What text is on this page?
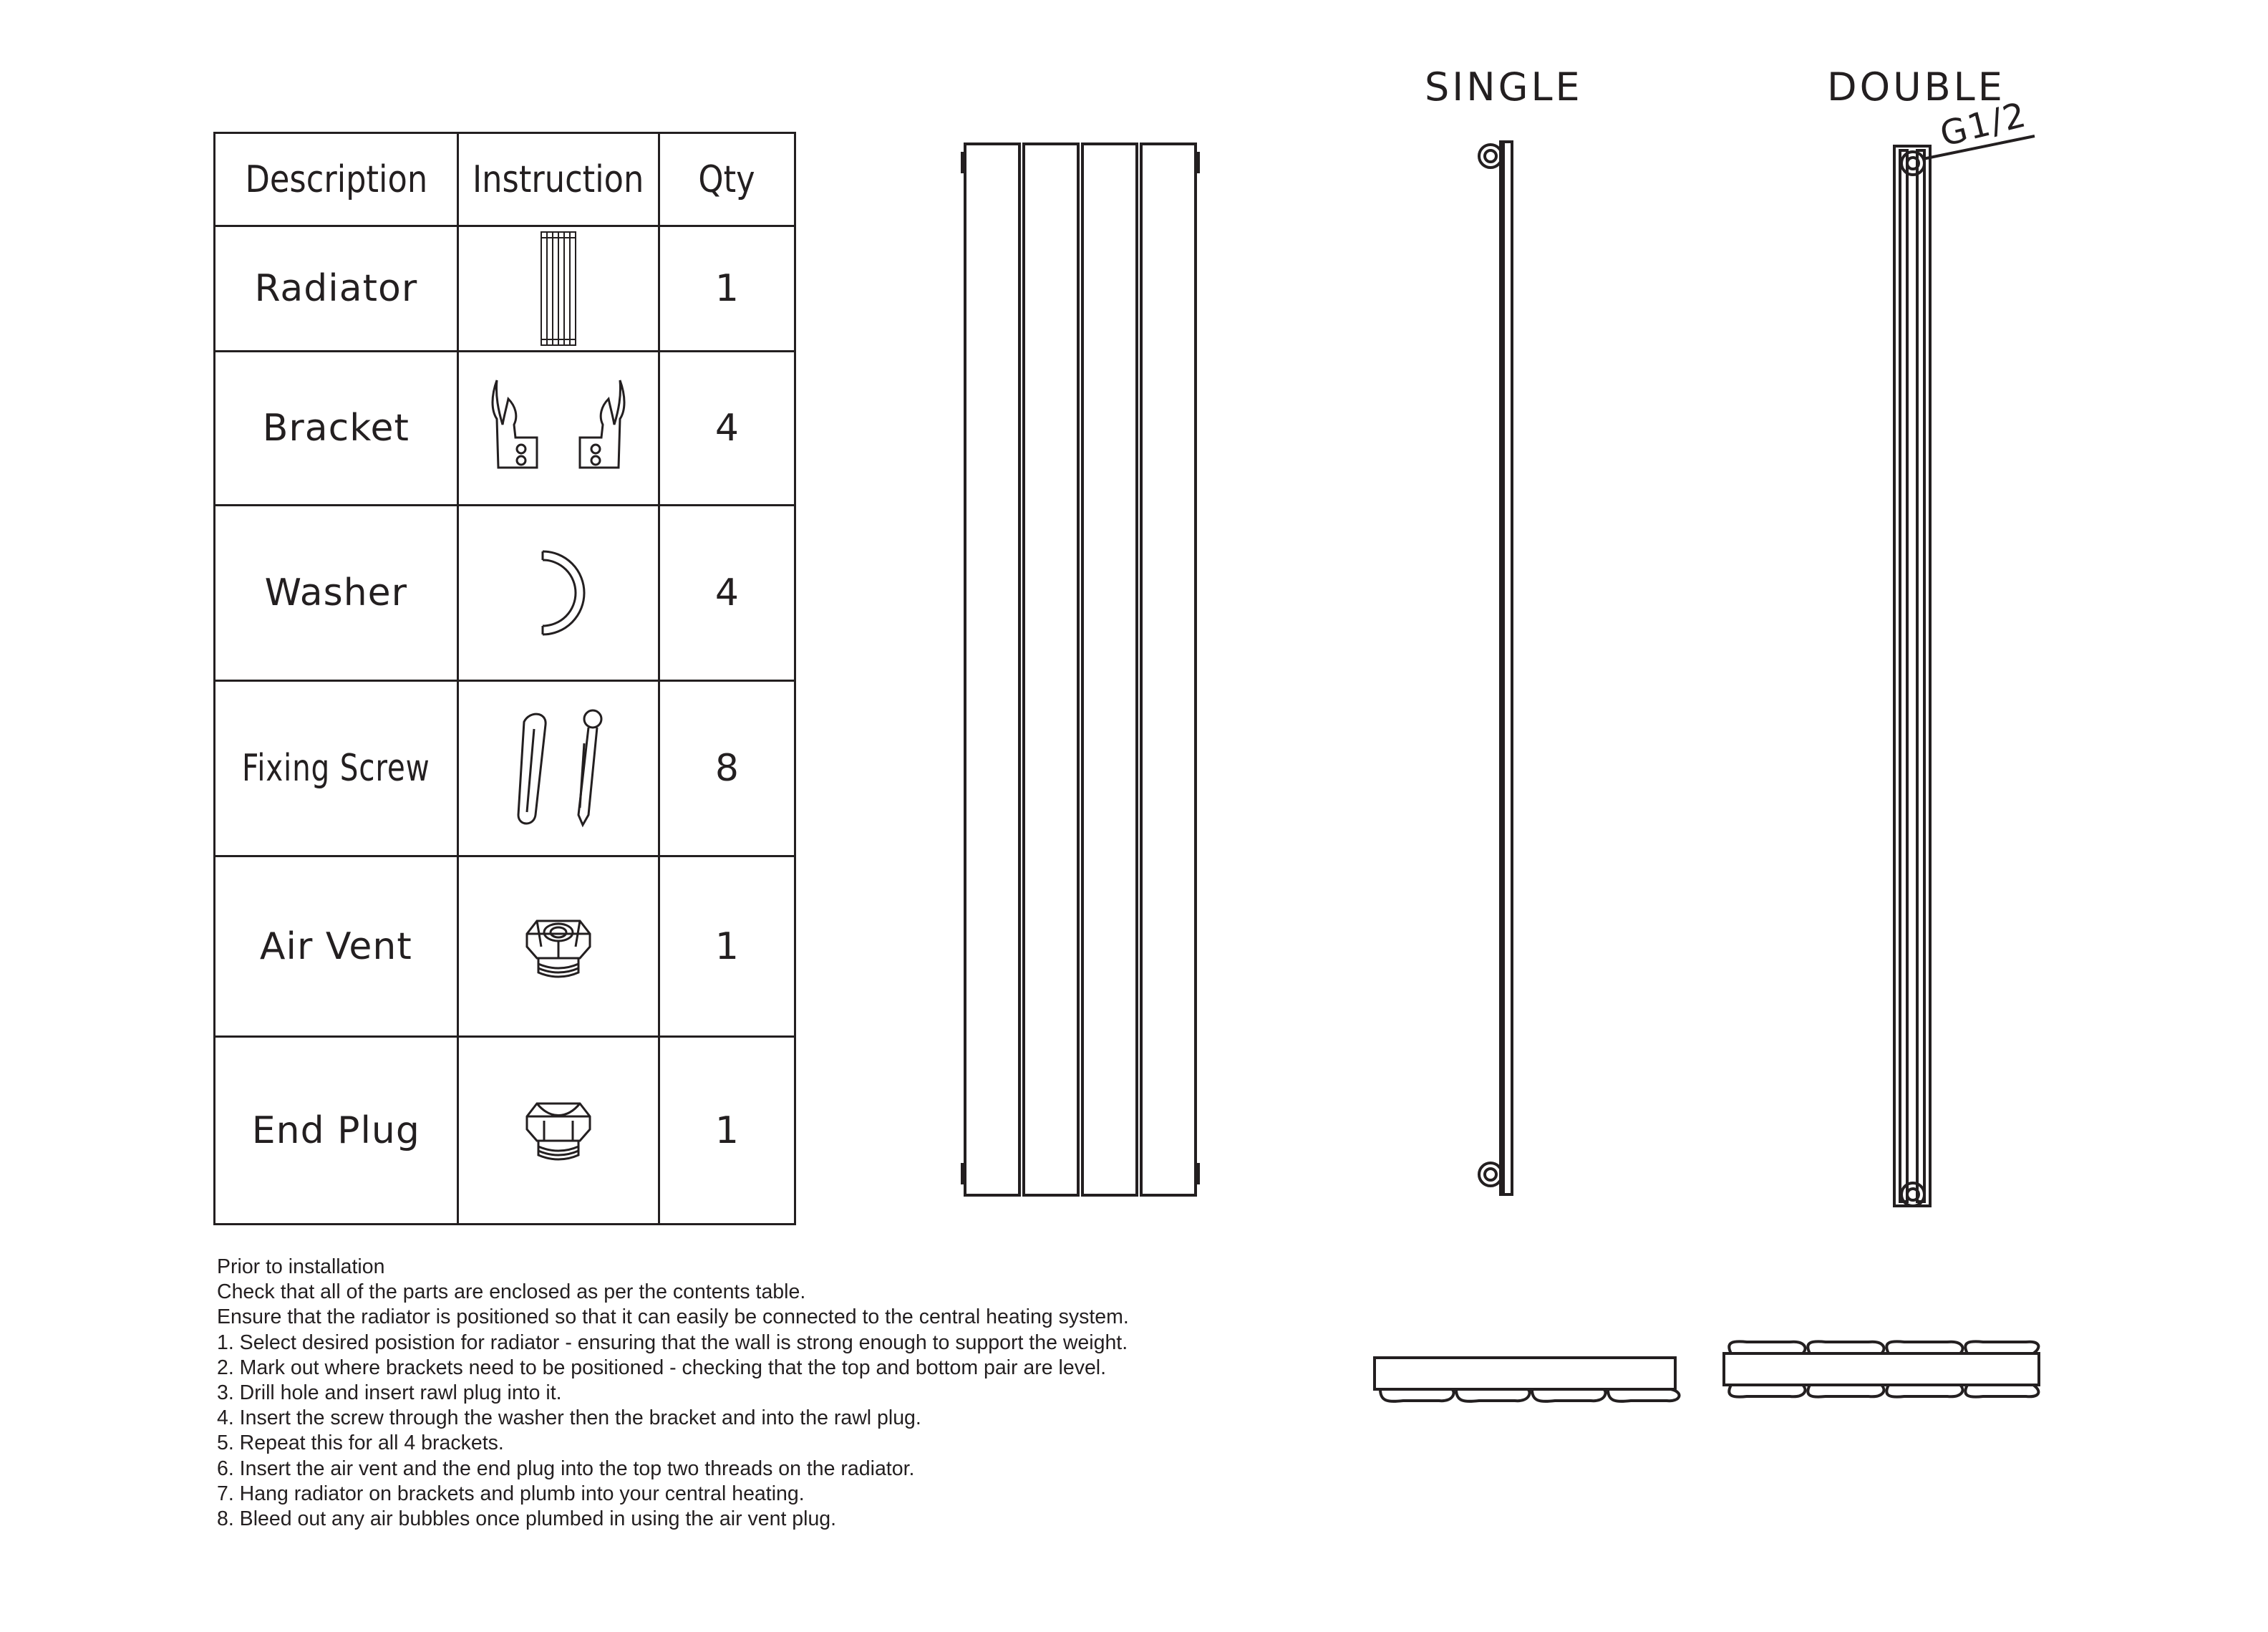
Description	Instruction	Qty
Radiator		1
Bracket		4
Washer		4
Fixing Screw		8
Air Vent		1
End Plug		1
SINGLE	DOUBLE
G1/2
Prior to installation
Check that all of the parts are enclosed as per the contents table.
Ensure that the radiator is positioned so that it can easily be connected to the central heating system.
1. Select desired posistion for radiator - ensuring that the wall is strong enough to support the weight.
2. Mark out where brackets need to be positioned - checking that the top and bottom pair are level.
3. Drill hole and insert rawl plug into it.
4. Insert the screw through the washer then the bracket and into the rawl plug.
5. Repeat this for all 4 brackets.
6. Insert the air vent and the end plug into the top two threads on the radiator.
7. Hang radiator on brackets and plumb into your central heating.
8. Bleed out any air bubbles once plumbed in using the air vent plug.
